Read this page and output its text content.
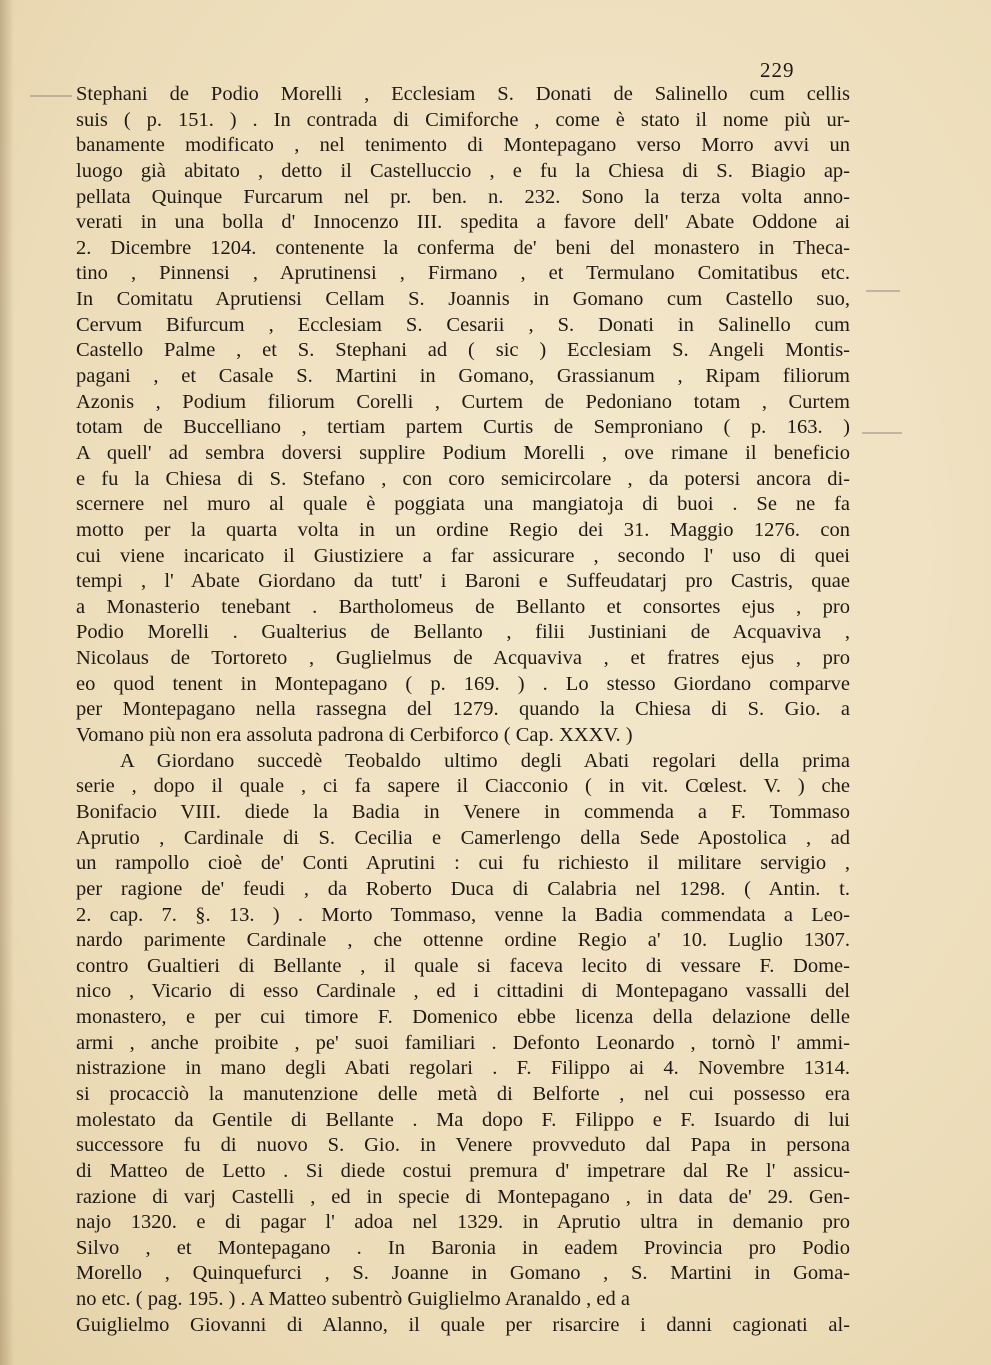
229
Stephani de Podio Morelli , Ecclesiam S. Donati de Salinello cum cellis
suis ( p. 151. ) . In contrada di Cimiforche , come è stato il nome più ur-
banamente modificato , nel tenimento di Montepagano verso Morro avvi un
luogo già abitato , detto il Castelluccio , e fu la Chiesa di S. Biagio ap-
pellata Quinque Furcarum nel pr. ben. n. 232. Sono la terza volta anno-
verati in una bolla d' Innocenzo III. spedita a favore dell' Abate Oddone ai
2. Dicembre 1204. contenente la conferma de' beni del monastero in Theca-
tino , Pinnensi , Aprutinensi , Firmano , et Termulano Comitatibus etc.
In Comitatu Aprutiensi Cellam S. Joannis in Gomano cum Castello suo,
Cervum Bifurcum , Ecclesiam S. Cesarii , S. Donati in Salinello cum
Castello Palme , et S. Stephani ad ( sic ) Ecclesiam S. Angeli Montis-
pagani , et Casale S. Martini in Gomano, Grassianum , Ripam filiorum
Azonis , Podium filiorum Corelli , Curtem de Pedoniano totam , Curtem
totam de Buccelliano , tertiam partem Curtis de Semproniano ( p. 163. )
A quell' ad sembra doversi supplire Podium Morelli , ove rimane il beneficio
e fu la Chiesa di S. Stefano , con coro semicircolare , da potersi ancora di-
scernere nel muro al quale è poggiata una mangiatoja di buoi . Se ne fa
motto per la quarta volta in un ordine Regio dei 31. Maggio 1276. con
cui viene incaricato il Giustiziere a far assicurare , secondo l' uso di quei
tempi , l' Abate Giordano da tutt' i Baroni e Suffeudatarj pro Castris, quae
a Monasterio tenebant . Bartholomeus de Bellanto et consortes ejus , pro
Podio Morelli . Gualterius de Bellanto , filii Justiniani de Acquaviva ,
Nicolaus de Tortoreto , Guglielmus de Acquaviva , et fratres ejus , pro
eo quod tenent in Montepagano ( p. 169. ) . Lo stesso Giordano comparve
per Montepagano nella rassegna del 1279. quando la Chiesa di S. Gio. a
Vomano più non era assoluta padrona di Cerbiforco ( Cap. XXXV. )
A Giordano succedè Teobaldo ultimo degli Abati regolari della prima
serie , dopo il quale , ci fa sapere il Ciacconio ( in vit. Cœlest. V. ) che
Bonifacio VIII. diede la Badia in Venere in commenda a F. Tommaso
Aprutio , Cardinale di S. Cecilia e Camerlengo della Sede Apostolica , ad
un rampollo cioè de' Conti Aprutini : cui fu richiesto il militare servigio ,
per ragione de' feudi , da Roberto Duca di Calabria nel 1298. ( Antin. t.
2. cap. 7. §. 13. ) . Morto Tommaso, venne la Badia commendata a Leo-
nardo parimente Cardinale , che ottenne ordine Regio a' 10. Luglio 1307.
contro Gualtieri di Bellante , il quale si faceva lecito di vessare F. Dome-
nico , Vicario di esso Cardinale , ed i cittadini di Montepagano vassalli del
monastero, e per cui timore F. Domenico ebbe licenza della delazione delle
armi , anche proibite , pe' suoi familiari . Defonto Leonardo , tornò l' ammi-
nistrazione in mano degli Abati regolari . F. Filippo ai 4. Novembre 1314.
si procacciò la manutenzione delle metà di Belforte , nel cui possesso era
molestato da Gentile di Bellante . Ma dopo F. Filippo e F. Isuardo di lui
successore fu di nuovo S. Gio. in Venere provveduto dal Papa in persona
di Matteo de Letto . Si diede costui premura d' impetrare dal Re l' assicu-
razione di varj Castelli , ed in specie di Montepagano , in data de' 29. Gen-
najo 1320. e di pagar l' adoa nel 1329. in Aprutio ultra in demanio pro
Silvo , et Montepagano . In Baronia in eadem Provincia pro Podio
Morello , Quinquefurci , S. Joanne in Gomano , S. Martini in Goma-
no etc. ( pag. 195. ) . A Matteo subentrò Guiglielmo Aranaldo , ed a
Guiglielmo Giovanni di Alanno, il quale per risarcire i danni cagionati al-
